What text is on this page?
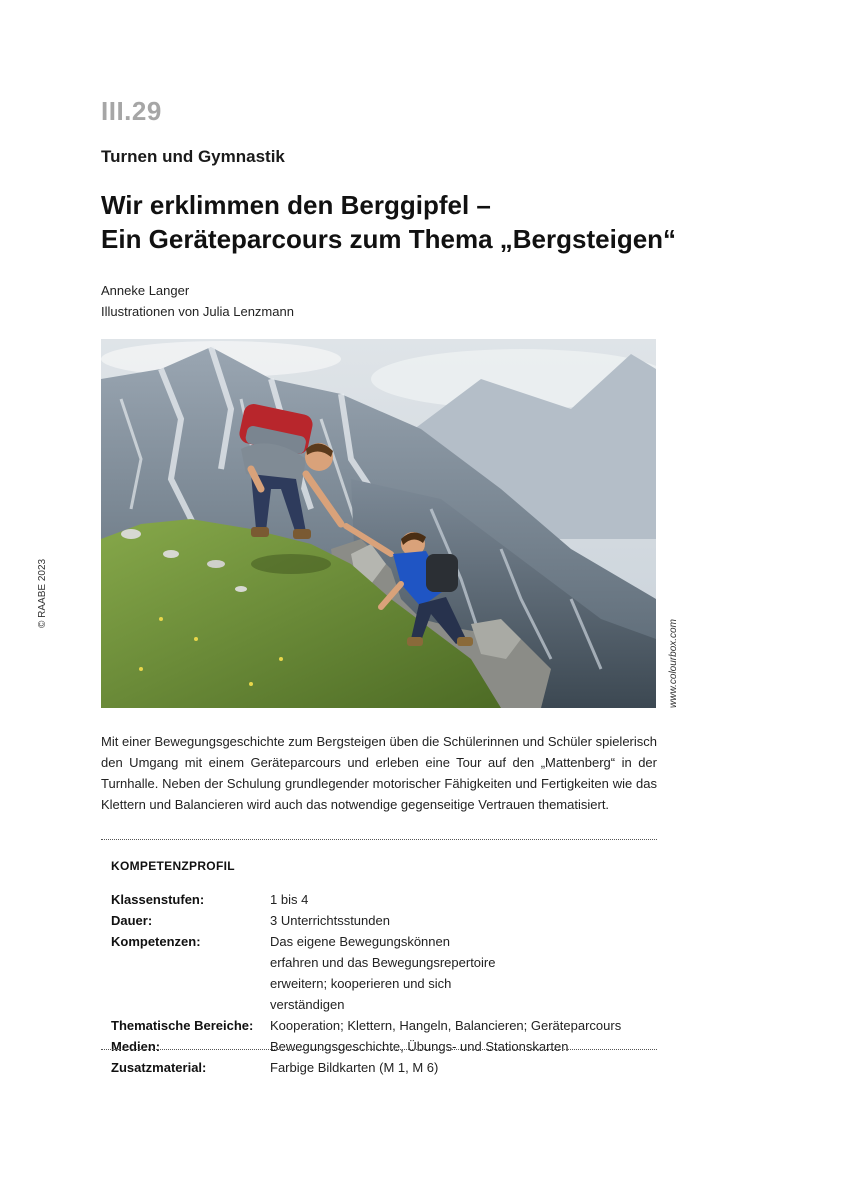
III.29
Turnen und Gymnastik
Wir erklimmen den Berggipfel –
Ein Geräteparcours zum Thema „Bergsteigen“
Anneke Langer
Illustrationen von Julia Lenzmann
www.colourbox.com
© RAABE 2023

Mit einer Bewegungsgeschichte zum Bergsteigen üben die Schülerinnen und Schüler spielerisch den Umgang mit einem Geräteparcours und erleben eine Tour auf den „Mattenberg“ in der Turnhalle. Neben der Schulung grundlegender motorischer Fähigkeiten und Fertigkeiten wie das Klettern und Balancieren wird auch das notwendige gegenseitige Vertrauen thematisiert.

KOMPETENZPROFIL
Klassenstufen:	1 bis 4
Dauer:	3 Unterrichtsstunden
Kompetenzen:	Das eigene Bewegungskönnen erfahren und das Bewegungsrepertoire erweitern; kooperieren und sich verständigen
Thematische Bereiche:	Kooperation; Klettern, Hangeln, Balancieren; Geräteparcours
Medien:	Bewegungsgeschichte, Übungs- und Stationskarten
Zusatzmaterial:	Farbige Bildkarten (M 1, M 6)
